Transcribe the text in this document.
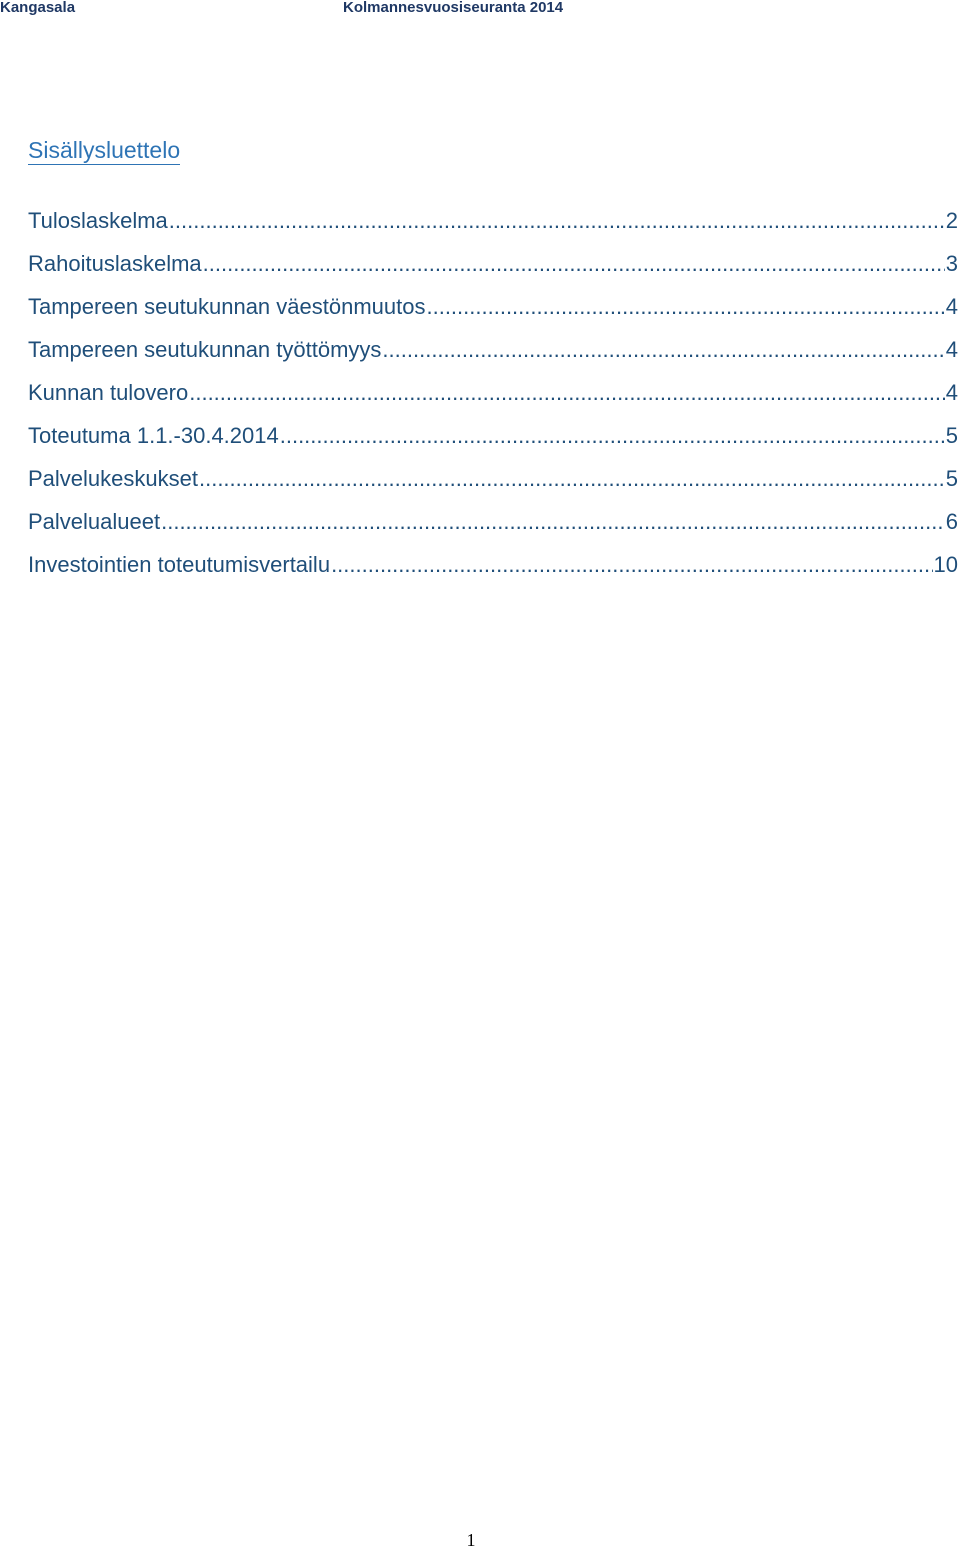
Kangasala	Kolmannesvuosiseuranta 2014
Sisällysluettelo
Tuloslaskelma .....	2
Rahoituslaskelma .....	3
Tampereen seutukunnan väestönmuutos .....	4
Tampereen seutukunnan työttömyys .....	4
Kunnan tulovero .....	4
Toteutuma 1.1.-30.4.2014 .....	5
Palvelukeskukset .....	5
Palvelualueet .....	6
Investointien toteutumisvertailu .....	10
1
